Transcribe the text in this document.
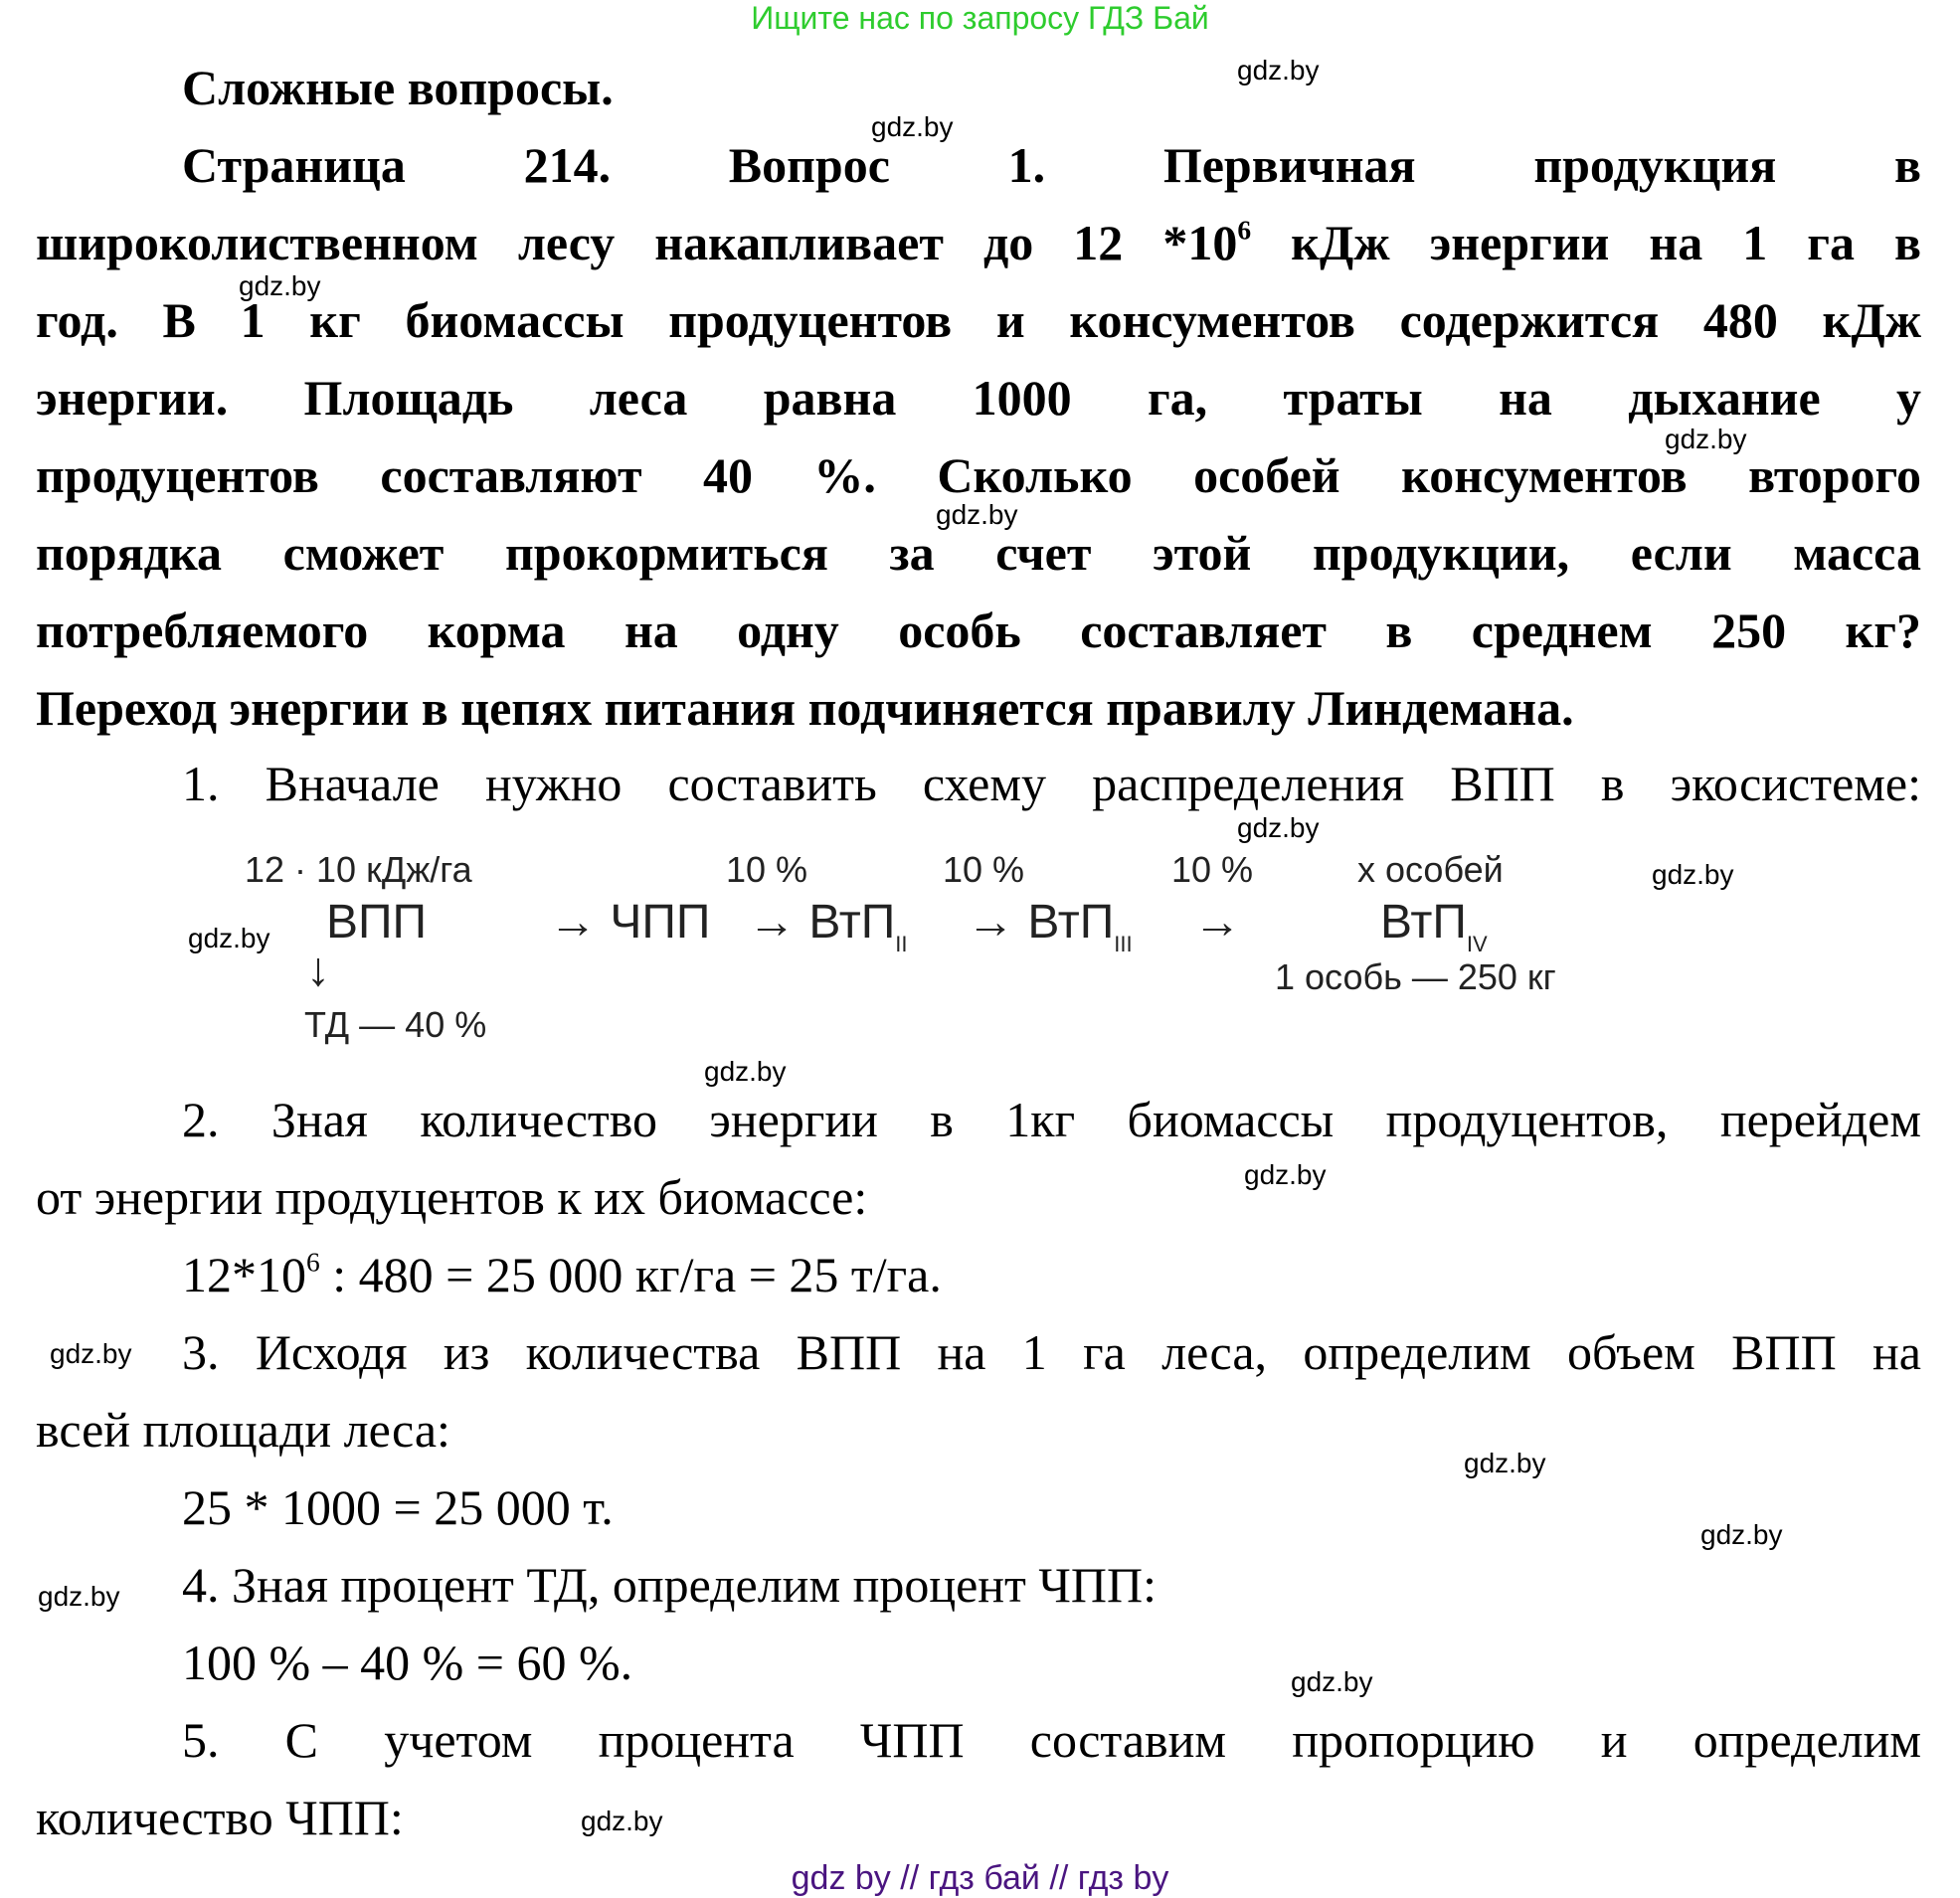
Ищите нас по запросу ГДЗ Бай
gdz.by
gdz.by
gdz.by
gdz.by
gdz.by
gdz.by
gdz.by
gdz.by
gdz.by
gdz.by
gdz.by
gdz.by
gdz.by
gdz.by
gdz.by
gdz.by
Сложные вопросы.
Страница 214. Вопрос 1. Первичная продукция в
широколиственном лесу накапливает до 12 $*10^6$ кДж энергии на 1 га в
год. В 1 кг биомассы продуцентов и консументов содержится 480 кДж
энергии. Площадь леса равна 1000 га, траты на дыхание у
продуцентов составляют 40 %. Сколько особей консументов второго
порядка сможет прокормиться за счет этой продукции, если масса
потребляемого корма на одну особь составляет в среднем 250 кг?
Переход энергии в цепях питания подчиняется правилу Линдемана.
1. Вначале нужно составить схему распределения ВПП в экосистеме:
12 · 10 кДж/га
ВПП
↓
ТД — 40 %
→ ЧПП
10 %
→ ВтП$_{II}$
10 %
→ ВтП$_{III}$
10 %
→
х особей
ВтП$_{IV}$
1 особь — 250 кг
2. Зная количество энергии в 1кг биомассы продуцентов, перейдем
от энергии продуцентов к их биомассе:
$12*10^6$ : 480 = 25 000 кг/га = 25 т/га.
3. Исходя из количества ВПП на 1 га леса, определим объем ВПП на
всей площади леса:
25 * 1000 = 25 000 т.
4. Зная процент ТД, определим процент ЧПП:
100 % – 40 % = 60 %.
5. С учетом процента ЧПП составим пропорцию и определим
количество ЧПП:
gdz by // гдз бай // гдз by
